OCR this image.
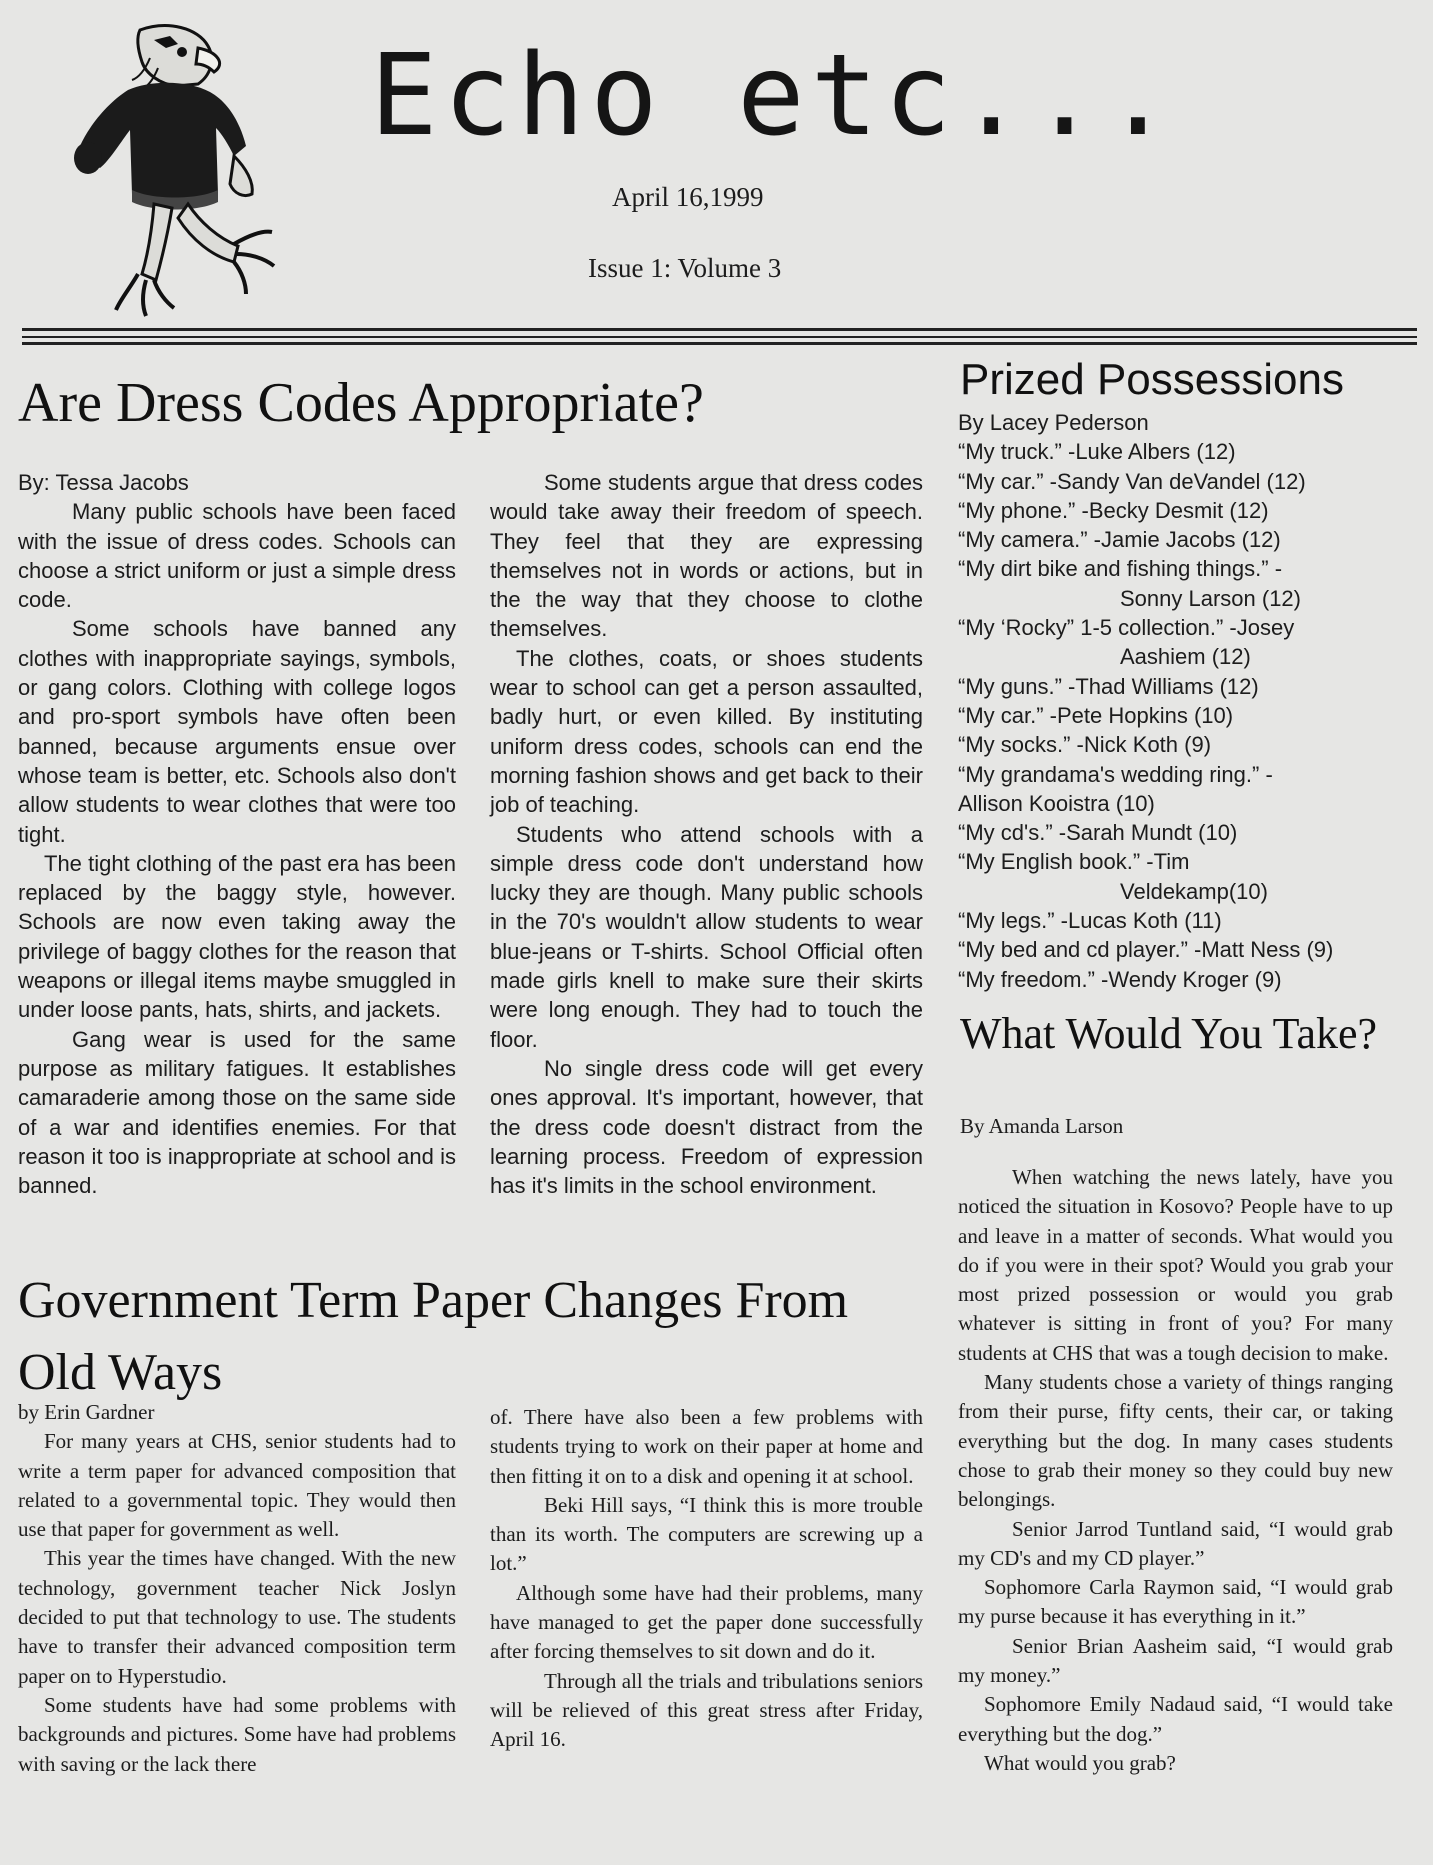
Echo etc...
April 16,1999
Issue 1: Volume 3
Are Dress Codes Appropriate?

By: Tessa Jacobs

Many public schools have been faced with the issue of dress codes. Schools can choose a strict uniform or just a simple dress code.

Some schools have banned any clothes with inappropriate sayings, symbols, or gang colors. Clothing with college logos and pro-sport symbols have often been banned, because arguments ensue over whose team is better, etc. Schools also don't allow students to wear clothes that were too tight.

The tight clothing of the past era has been replaced by the baggy style, however. Schools are now even taking away the privilege of baggy clothes for the reason that weapons or illegal items maybe smuggled in under loose pants, hats, shirts, and jackets.

Gang wear is used for the same purpose as military fatigues. It establishes camaraderie among those on the same side of a war and identifies enemies. For that reason it too is inappropriate at school and is banned.

Some students argue that dress codes would take away their freedom of speech. They feel that they are expressing themselves not in words or actions, but in the the way that they choose to clothe themselves.

The clothes, coats, or shoes students wear to school can get a person assaulted, badly hurt, or even killed. By instituting uniform dress codes, schools can end the morning fashion shows and get back to their job of teaching.

Students who attend schools with a simple dress code don't understand how lucky they are though. Many public schools in the 70's wouldn't allow students to wear blue-jeans or T-shirts. School Official often made girls knell to make sure their skirts were long enough. They had to touch the floor.

No single dress code will get every ones approval. It's important, however, that the dress code doesn't distract from the learning process. Freedom of expression has it's limits in the school environment.

Government Term Paper Changes From Old Ways

by Erin Gardner

For many years at CHS, senior students had to write a term paper for advanced composition that related to a governmental topic. They would then use that paper for government as well.

This year the times have changed. With the new technology, government teacher Nick Joslyn decided to put that technology to use. The students have to transfer their advanced composition term paper on to Hyperstudio.

Some students have had some problems with backgrounds and pictures. Some have had problems with saving or the lack there

of. There have also been a few problems with students trying to work on their paper at home and then fitting it on to a disk and opening it at school.

Beki Hill says, “I think this is more trouble than its worth. The computers are screwing up a lot.”

Although some have had their problems, many have managed to get the paper done successfully after forcing themselves to sit down and do it.

Through all the trials and tribulations seniors will be relieved of this great stress after Friday, April 16.

Prized Possessions

By Lacey Pederson

“My truck.” -Luke Albers (12)

“My car.” -Sandy Van deVandel (12)

“My phone.” -Becky Desmit (12)

“My camera.” -Jamie Jacobs (12)

“My dirt bike and fishing things.” -

Sonny Larson (12)

“My ‘Rocky” 1-5 collection.” -Josey

Aashiem (12)

“My guns.” -Thad Williams (12)

“My car.” -Pete Hopkins (10)

“My socks.” -Nick Koth (9)

“My grandama's wedding ring.” -

Allison Kooistra (10)

“My cd's.” -Sarah Mundt (10)

“My English book.” -Tim

Veldekamp(10)

“My legs.” -Lucas Koth (11)

“My bed and cd player.” -Matt Ness (9)

“My freedom.” -Wendy Kroger (9)

What Would You Take?
By Amanda Larson

When watching the news lately, have you noticed the situation in Kosovo? People have to up and leave in a matter of seconds. What would you do if you were in their spot? Would you grab your most prized possession or would you grab whatever is sitting in front of you? For many students at CHS that was a tough decision to make.

Many students chose a variety of things ranging from their purse, fifty cents, their car, or taking everything but the dog. In many cases students chose to grab their money so they could buy new belongings.

Senior Jarrod Tuntland said, “I would grab my CD's and my CD player.”

Sophomore Carla Raymon said, “I would grab my purse because it has everything in it.”

Senior Brian Aasheim said, “I would grab my money.”

Sophomore Emily Nadaud said, “I would take everything but the dog.”

What would you grab?
